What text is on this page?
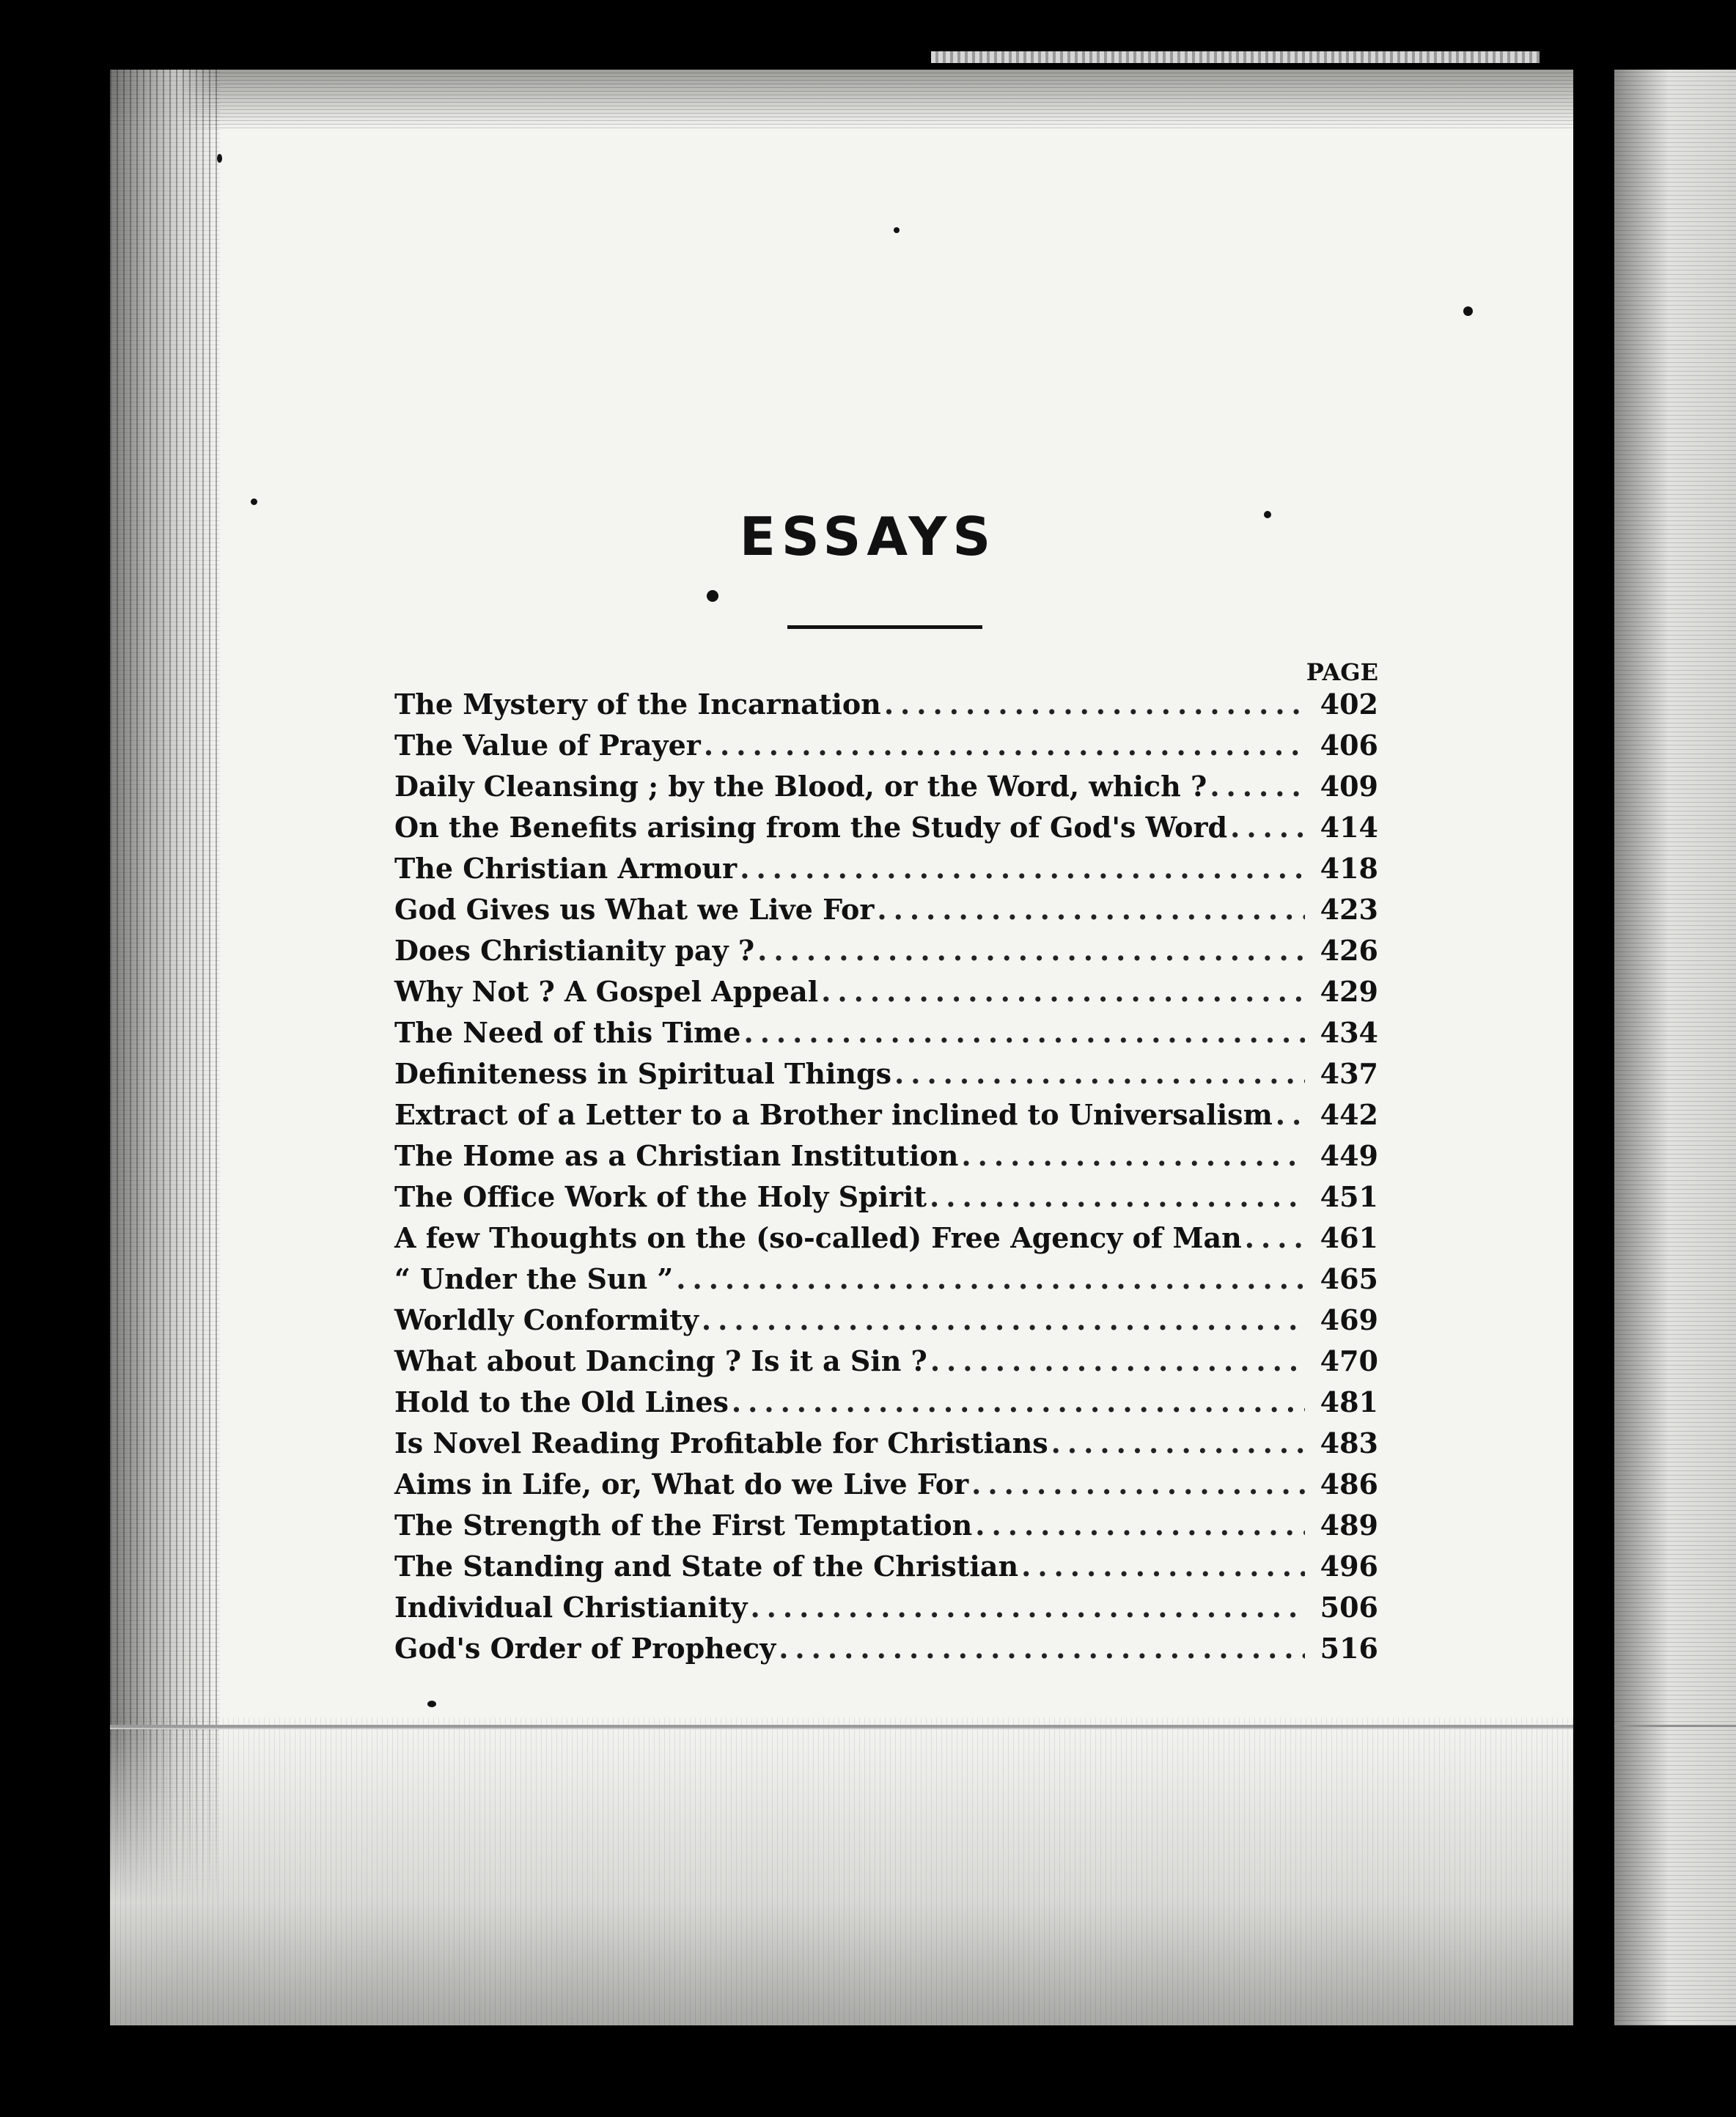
ESSAYS
PAGE
The Mystery of the Incarnation .....	402
The Value of Prayer .....	406
Daily Cleansing ; by the Blood, or the Word, which ? .....	409
On the Benefits arising from the Study of God's Word .....	414
The Christian Armour .....	418
God Gives us What we Live For .....	423
Does Christianity pay ? .....	426
Why Not ? A Gospel Appeal .....	429
The Need of this Time .....	434
Definiteness in Spiritual Things .....	437
Extract of a Letter to a Brother inclined to Universalism ..... 442
The Home as a Christian Institution .....	449
The Office Work of the Holy Spirit .....	451
A few Thoughts on the (so-called) Free Agency of Man .....	461
“ Under the Sun ” .....	465
Worldly Conformity .....	469
What about Dancing ? Is it a Sin ? .....	470
Hold to the Old Lines .....	481
Is Novel Reading Profitable for Christians .....	483
Aims in Life, or, What do we Live For .....	486
The Strength of the First Temptation .....	489
The Standing and State of the Christian .....	496
Individual Christianity .....	506
God's Order of Prophecy .....	516
